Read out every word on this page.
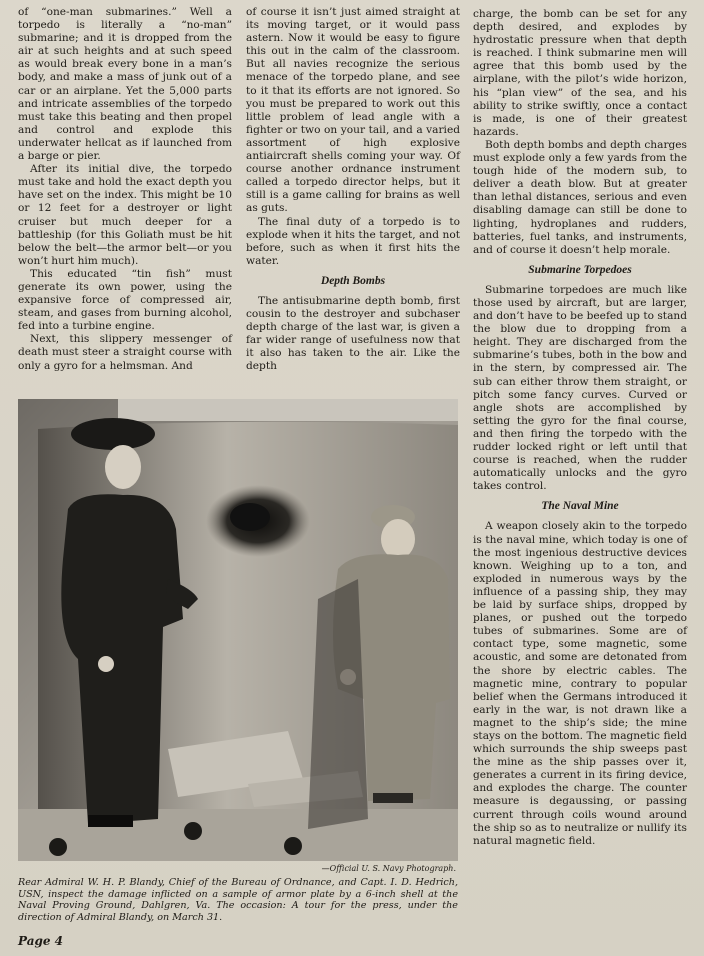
of “one-man submarines.” Well a torpedo is literally a “no-man” submarine; and it is dropped from the air at such heights and at such speed as would break every bone in a man’s body, and make a mass of junk out of a car or an airplane. Yet the 5,000 parts and intricate assemblies of the torpedo must take this beating and then propel and control and explode this underwater hellcat as if launched from a barge or pier.

After its initial dive, the torpedo must take and hold the exact depth you have set on the index. This might be 10 or 12 feet for a destroyer or light cruiser but much deeper for a battleship (for this Goliath must be hit below the belt—the armor belt—or you won’t hurt him much).

This educated “tin fish” must generate its own power, using the expansive force of compressed air, steam, and gases from burning alcohol, fed into a turbine engine.

Next, this slippery messenger of death must steer a straight course with only a gyro for a helmsman. And

of course it isn’t just aimed straight at its moving target, or it would pass astern. Now it would be easy to figure this out in the calm of the classroom. But all navies recognize the serious menace of the torpedo plane, and see to it that its efforts are not ignored. So you must be prepared to work out this little problem of lead angle with a fighter or two on your tail, and a varied assortment of high explosive antiaircraft shells coming your way. Of course another ordnance instrument called a torpedo director helps, but it still is a game calling for brains as well as guts.

The final duty of a torpedo is to explode when it hits the target, and not before, such as when it first hits the water.

Depth Bombs

The antisubmarine depth bomb, first cousin to the destroyer and subchaser depth charge of the last war, is given a far wider range of usefulness now that it also has taken to the air. Like the depth

charge, the bomb can be set for any depth desired, and explodes by hydrostatic pressure when that depth is reached. I think submarine men will agree that this bomb used by the airplane, with the pilot’s wide horizon, his “plan view” of the sea, and his ability to strike swiftly, once a contact is made, is one of their greatest hazards.

Both depth bombs and depth charges must explode only a few yards from the tough hide of the modern sub, to deliver a death blow. But at greater than lethal distances, serious and even disabling damage can still be done to lighting, hydroplanes and rudders, batteries, fuel tanks, and instruments, and of course it doesn’t help morale.

Submarine Torpedoes

Submarine torpedoes are much like those used by aircraft, but are larger, and don’t have to be beefed up to stand the blow due to dropping from a height. They are discharged from the submarine’s tubes, both in the bow and in the stern, by compressed air. The sub can either throw them straight, or pitch some fancy curves. Curved or angle shots are accomplished by setting the gyro for the final course, and then firing the torpedo with the rudder locked right or left until that course is reached, when the rudder automatically unlocks and the gyro takes control.

The Naval Mine

A weapon closely akin to the torpedo is the naval mine, which today is one of the most ingenious destructive devices known. Weighing up to a ton, and exploded in numerous ways by the influence of a passing ship, they may be laid by surface ships, dropped by planes, or pushed out the torpedo tubes of submarines. Some are of contact type, some magnetic, some acoustic, and some are detonated from the shore by electric cables. The magnetic mine, contrary to popular belief when the Germans introduced it early in the war, is not drawn like a magnet to the ship’s side; the mine stays on the bottom. The magnetic field which surrounds the ship sweeps past the mine as the ship passes over it, generates a current in its firing device, and explodes the charge. The counter measure is degaussing, or passing current through coils wound around the ship so as to neutralize or nullify its natural magnetic field.

—Official U. S. Navy Photograph.
Rear Admiral W. H. P. Blandy, Chief of the Bureau of Ordnance, and Capt. I. D. Hedrich, USN, inspect the damage inflicted on a sample of armor plate by a 6-inch shell at the Naval Proving Ground, Dahlgren, Va. The occasion: A tour for the press, under the direction of Admiral Blandy, on March 31.
Page 4
